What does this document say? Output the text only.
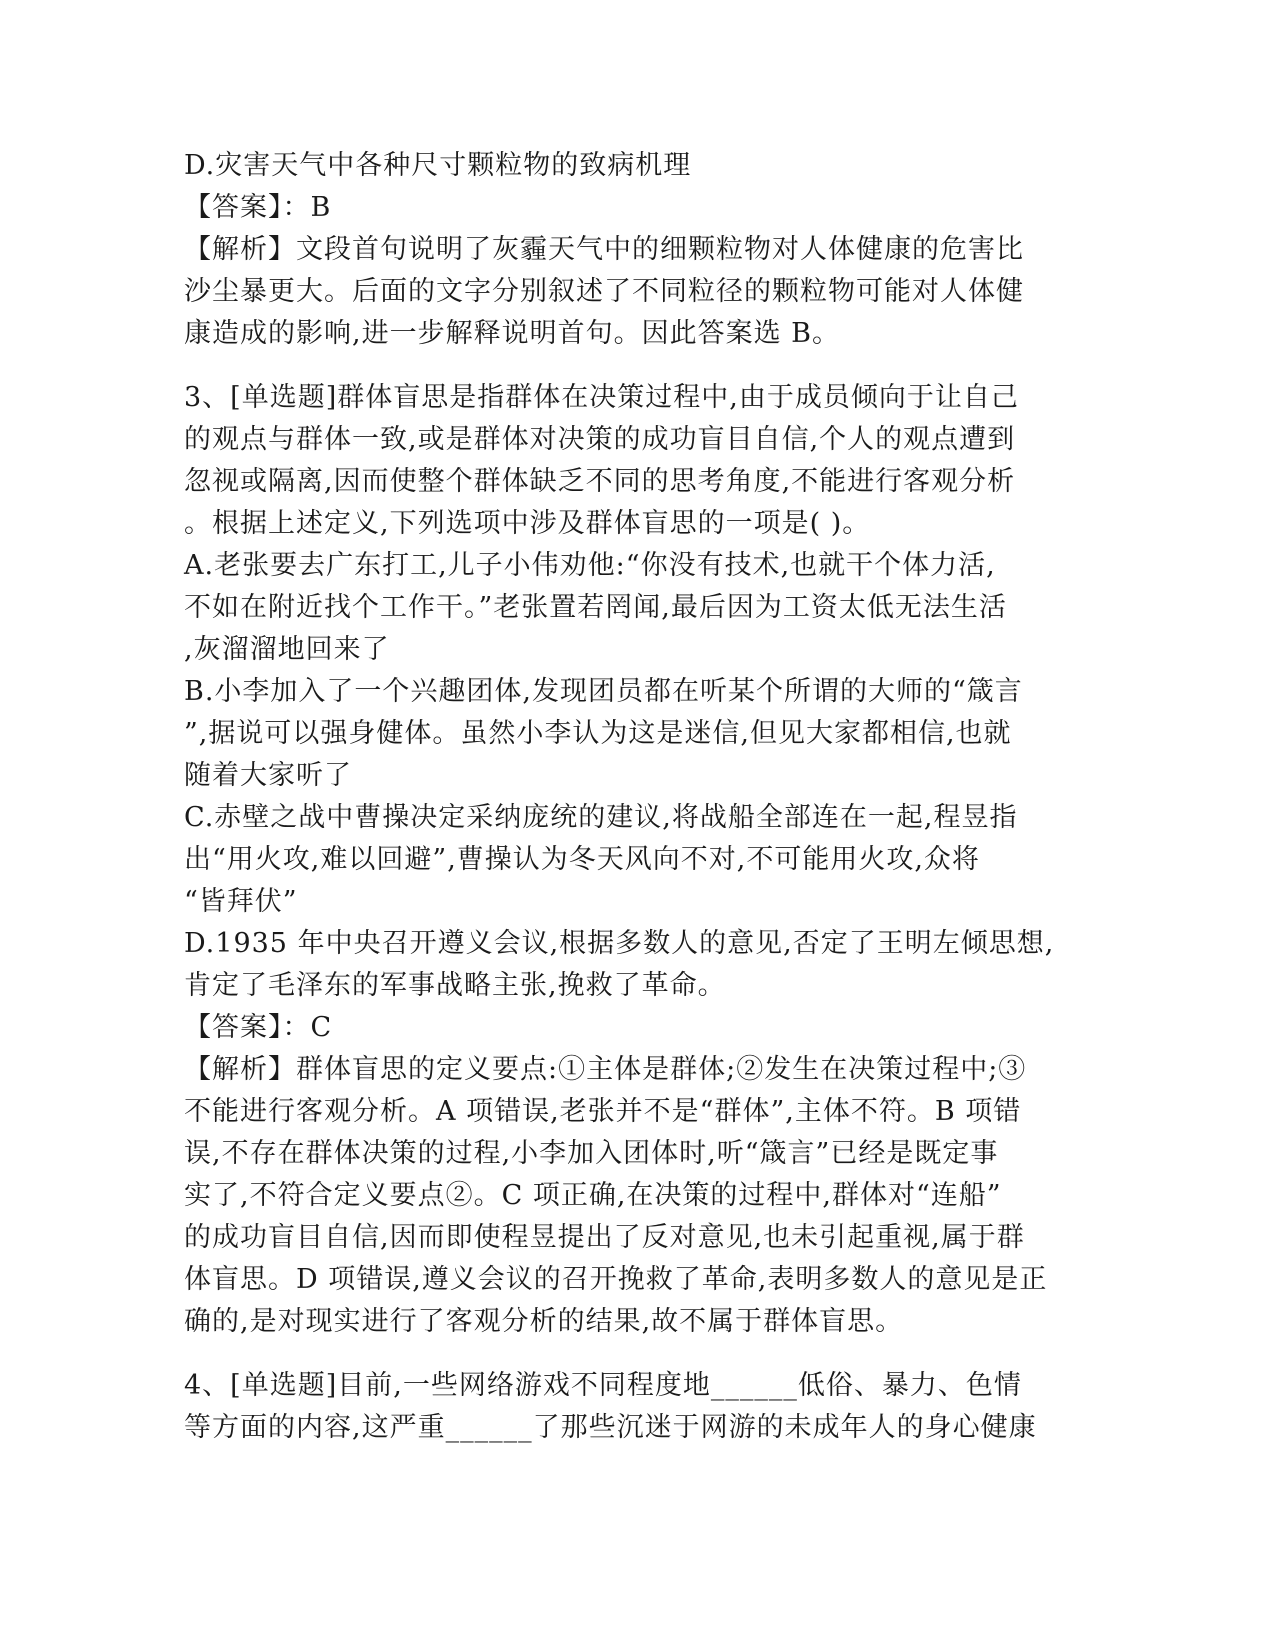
D.灾害天气中各种尺寸颗粒物的致病机理
【答案】：B
【解析】文段首句说明了灰霾天气中的细颗粒物对人体健康的危害比
沙尘暴更大。后面的文字分别叙述了不同粒径的颗粒物可能对人体健
康造成的影响,进一步解释说明首句。因此答案选 B。
3、[单选题]群体盲思是指群体在决策过程中,由于成员倾向于让自己
的观点与群体一致,或是群体对决策的成功盲目自信,个人的观点遭到
忽视或隔离,因而使整个群体缺乏不同的思考角度,不能进行客观分析
。根据上述定义,下列选项中涉及群体盲思的一项是( )。
A.老张要去广东打工,儿子小伟劝他:“你没有技术,也就干个体力活,
不如在附近找个工作干。”老张置若罔闻,最后因为工资太低无法生活
,灰溜溜地回来了
B.小李加入了一个兴趣团体,发现团员都在听某个所谓的大师的“箴言
”,据说可以强身健体。虽然小李认为这是迷信,但见大家都相信,也就
随着大家听了
C.赤壁之战中曹操决定采纳庞统的建议,将战船全部连在一起,程昱指
出“用火攻,难以回避”,曹操认为冬天风向不对,不可能用火攻,众将
“皆拜伏”
D.1935 年中央召开遵义会议,根据多数人的意见,否定了王明左倾思想,
肯定了毛泽东的军事战略主张,挽救了革命。
【答案】：C
【解析】群体盲思的定义要点:①主体是群体;②发生在决策过程中;③
不能进行客观分析。A 项错误,老张并不是“群体”,主体不符。B 项错
误,不存在群体决策的过程,小李加入团体时,听“箴言”已经是既定事
实了,不符合定义要点②。C 项正确,在决策的过程中,群体对“连船”
的成功盲目自信,因而即使程昱提出了反对意见,也未引起重视,属于群
体盲思。D 项错误,遵义会议的召开挽救了革命,表明多数人的意见是正
确的,是对现实进行了客观分析的结果,故不属于群体盲思。
4、[单选题]目前,一些网络游戏不同程度地______低俗、暴力、色情
等方面的内容,这严重______了那些沉迷于网游的未成年人的身心健康
